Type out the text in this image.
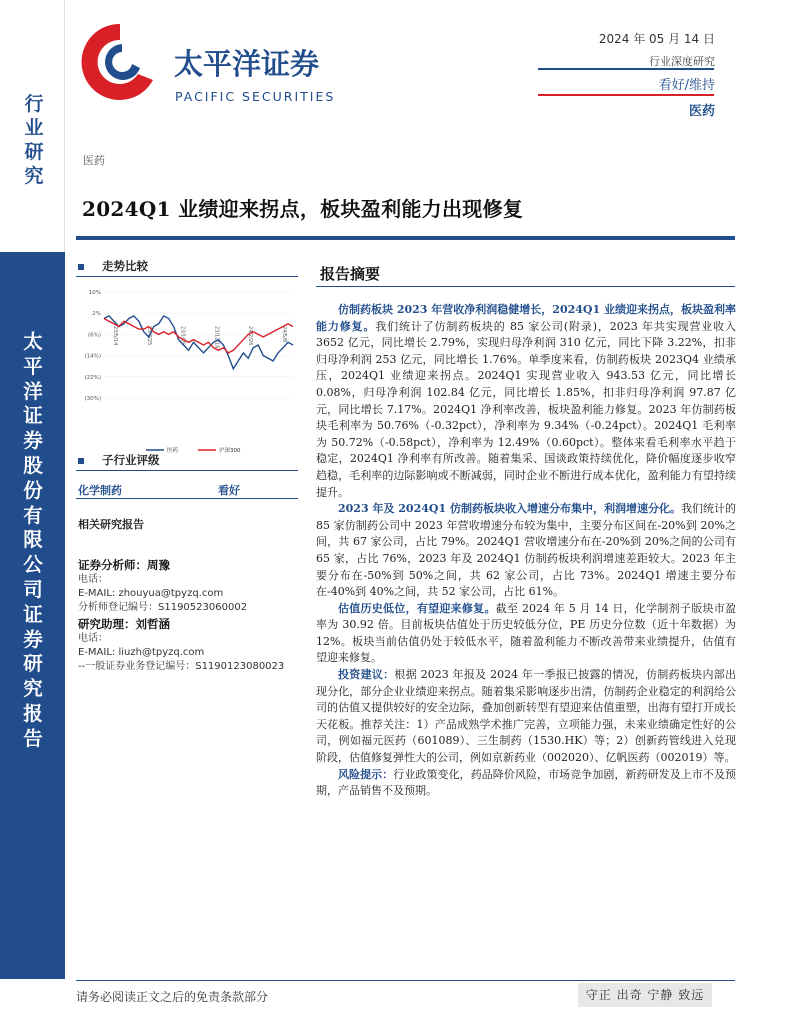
行
业
研
究
太
平
洋
证
券
股
份
有
限
公
司
证
券
研
究
报
告
太平洋证券
PACIFIC SECURITIES
2024 年 05 月 14 日
行业深度研究
看好/维持
医药
医药
2024Q1 业绩迎来拐点，板块盈利能力出现修复
走势比较
10%
2%
(6%)
(14%)
(22%)
(30%)
23/5/14	23/7/25	23/10/5	23/12/16	24/2/26	24/5/8
医药	沪深300
子行业评级
化学制药	看好
相关研究报告
证券分析师：周豫
电话：
E-MAIL: zhouyua@tpyzq.com
分析师登记编号：S1190523060002
研究助理：刘哲涵
电话：
E-MAIL: liuzh@tpyzq.com
--一般证券业务登记编号：S1190123080023
报告摘要

仿制药板块 2023 年营收净利润稳健增长，2024Q1 业绩迎来拐点，板块盈利率能力修复。我们统计了仿制药板块的 85 家公司(附录)，2023 年共实现营业收入 3652 亿元，同比增长 2.79%，实现归母净利润 310 亿元，同比下降 3.22%，扣非归母净利润 253 亿元，同比增长 1.76%。单季度来看，仿制药板块 2023Q4 业绩承压，2024Q1 业绩迎来拐点。2024Q1 实现营业收入 943.53 亿元，同比增长 0.08%，归母净利润 102.84 亿元，同比增长 1.85%，扣非归母净利润 97.87 亿元，同比增长 7.17%。2024Q1 净利率改善，板块盈利能力修复。2023 年仿制药板块毛利率为 50.76%（-0.32pct），净利率为 9.34%（-0.24pct）。2024Q1 毛利率为 50.72%（-0.58pct），净利率为 12.49%（0.60pct）。整体来看毛利率水平趋于稳定，2024Q1 净利率有所改善。随着集采、国谈政策持续优化，降价幅度逐步收窄趋稳，毛利率的边际影响或不断减弱，同时企业不断进行成本优化，盈利能力有望持续提升。

2023 年及 2024Q1 仿制药板块收入增速分布集中，利润增速分化。我们统计的 85 家仿制药公司中 2023 年营收增速分布较为集中，主要分布区间在-20%到 20%之间，共 67 家公司，占比 79%。2024Q1 营收增速分布在-20%到 20%之间的公司有 65 家，占比 76%，2023 年及 2024Q1 仿制药板块利润增速差距较大。2023 年主要分布在-50%到 50%之间，共 62 家公司，占比 73%。2024Q1 增速主要分布在-40%到 40%之间，共 52 家公司，占比 61%。

估值历史低位，有望迎来修复。截至 2024 年 5 月 14 日，化学制剂子版块市盈率为 30.92 倍。目前板块估值处于历史较低分位，PE 历史分位数（近十年数据）为 12%。板块当前估值仍处于较低水平，随着盈利能力不断改善带来业绩提升，估值有望迎来修复。

投资建议：根据 2023 年报及 2024 年一季报已披露的情况，仿制药板块内部出现分化，部分企业业绩迎来拐点。随着集采影响逐步出清，仿制药企业稳定的利润给公司的估值又提供较好的安全边际，叠加创新转型有望迎来估值重塑，出海有望打开成长天花板。推荐关注：1）产品成熟学术推广完善，立项能力强，未来业绩确定性好的公司，例如福元医药（601089）、三生制药（1530.HK）等；2）创新药管线进入兑现阶段，估值修复弹性大的公司，例如京新药业（002020）、亿帆医药（002019）等。

风险提示：行业政策变化，药品降价风险，市场竞争加剧，新药研发及上市不及预期，产品销售不及预期。

请务必阅读正文之后的免责条款部分	守正 出奇 宁静 致远
